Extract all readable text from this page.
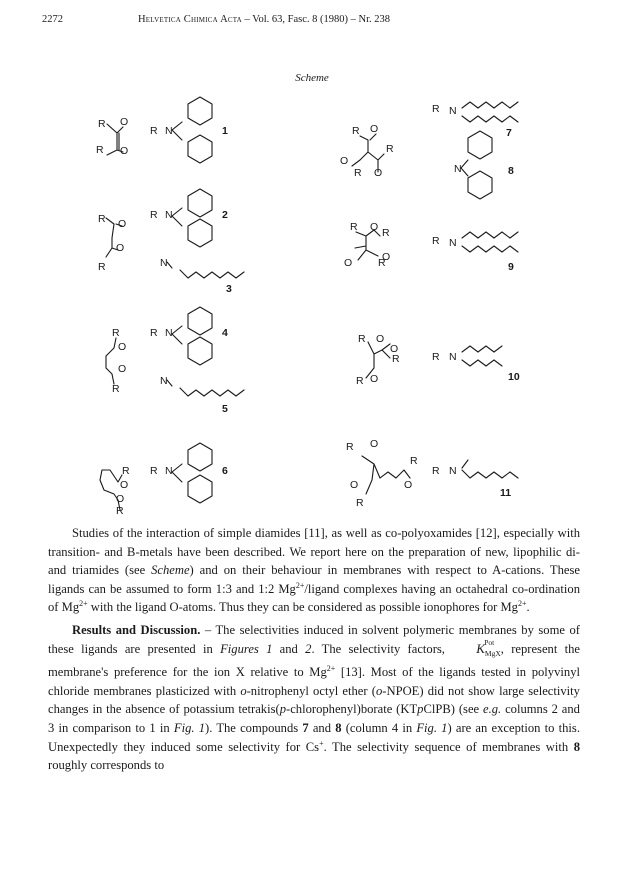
2272	Helvetica Chimica Acta – Vol. 63, Fasc. 8 (1980) – Nr. 238
Scheme
R O
R O
R N
R O
O
R
R N
N
R
O
O
R
R N
N
R
O
O
R
R N
R O
O
R
R O
R O R
O
O R
R O
R
O
R O
R O
O
R
R
O
R N
N
R N
R N
R N
1
2
3
4
5
6
7
8
9
10
11

Studies of the interaction of simple diamides [11], as well as co-polyoxamides [12], especially with transition- and B-metals have been described. We report here on the preparation of new, lipophilic di- and triamides (see Scheme) and on their behaviour in membranes with respect to A-cations. These ligands can be assumed to form 1:3 and 1:2 $Mg^{2+}$/ligand complexes having an octahedral co-ordination of $Mg^{2+}$ with the ligand O-atoms. Thus they can be considered as possible ionophores for $Mg^{2+}$.

Results and Discussion. – The selectivities induced in solvent polymeric membranes by some of these ligands are presented in Figures 1 and 2. The selectivity factors, K Pot
$_{MgX}$, represent the membrane's preference for the ion X relative to $Mg^{2+}$ [13]. Most of the ligands tested in polyvinyl chloride membranes plasticized with o-nitrophenyl octyl ether (o-NPOE) did not show large selectivity changes in the absence of potassium tetrakis(p-chlorophenyl)borate (KTpClPB) (see e.g. columns 2 and 3 in comparison to 1 in Fig. 1). The compounds 7 and 8 (column 4 in Fig. 1) are an exception to this. Unexpectedly they induced some selectivity for Cs+. The selectivity sequence of membranes with 8 roughly corresponds to
